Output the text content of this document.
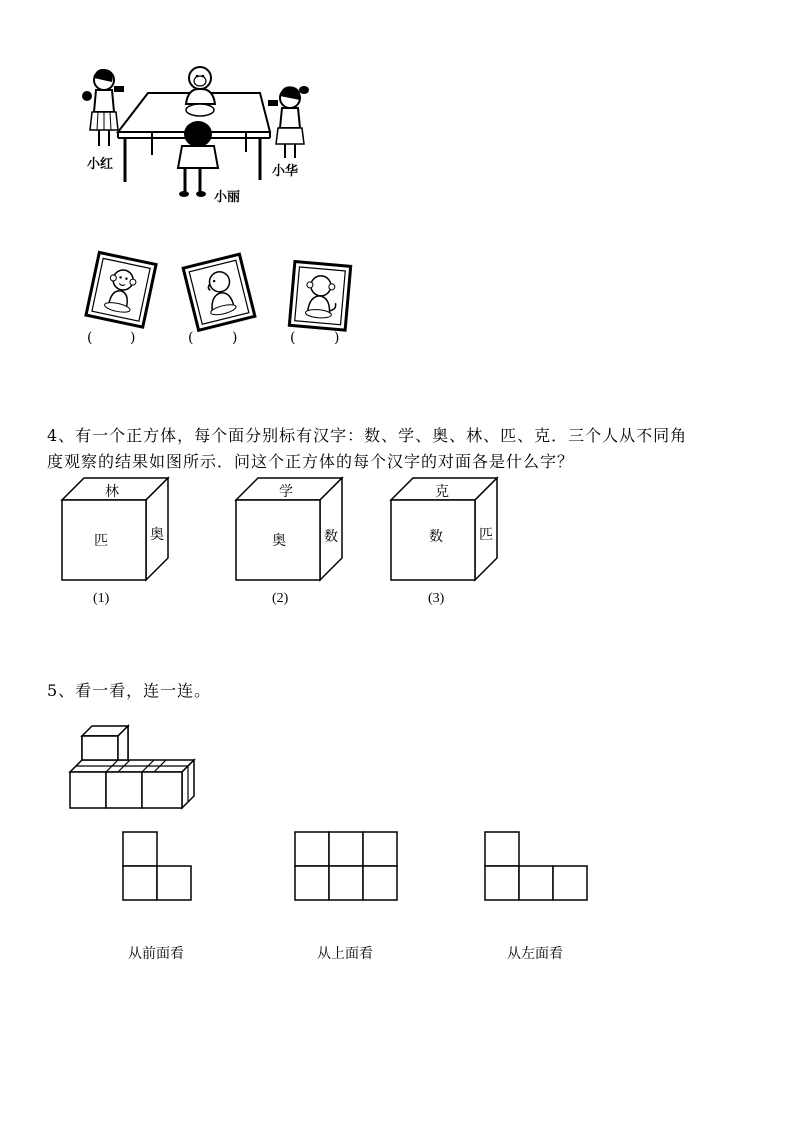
小红	小华
小丽
(	)	(	)	(	)
4、有一个正方体，每个面分别标有汉字：数、学、奥、林、匹、克．三个人从不同角
度观察的结果如图所示．问这个正方体的每个汉字的对面各是什么字？
林
匹	奥
(1)
学
奥	数
(2)
克
数	匹
(3)
5、看一看，连一连。
从前面看	从上面看	从左面看
